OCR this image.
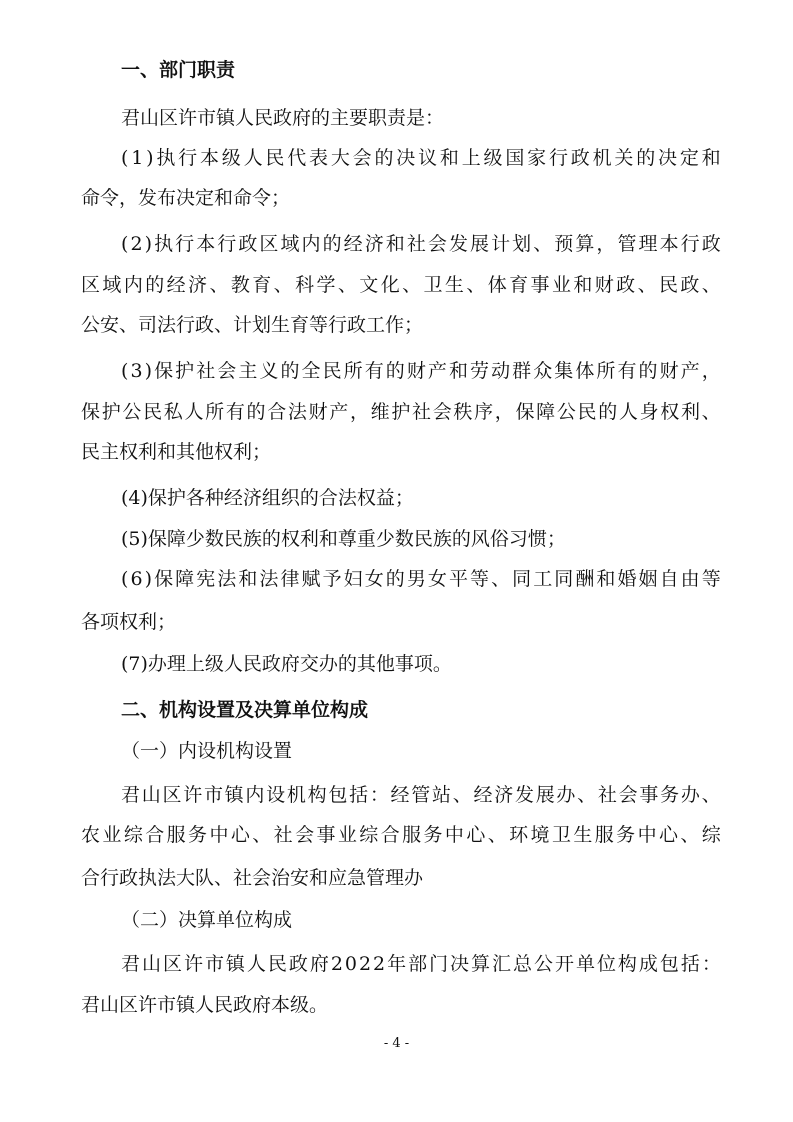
一、部门职责
君山区许市镇人民政府的主要职责是：
( 1 ) 执 行 本 级 人 民 代 表 大 会 的 决 议 和 上 级 国 家 行 政 机 关 的 决 定 和
命令，发布决定和命令；
( 2 ) 执 行 本 行 政 区 域 内 的 经 济 和 社 会 发 展 计 划 、 预 算 ， 管 理 本 行 政
区 域 内 的 经 济 、 教 育 、 科 学 、 文 化 、 卫 生 、 体 育 事 业 和 财 政 、 民 政 、
公安、司法行政、计划生育等行政工作；
( 3 ) 保 护 社 会 主 义 的 全 民 所 有 的 财 产 和 劳 动 群 众 集 体 所 有 的 财 产 ，
保 护 公 民 私 人 所 有 的 合 法 财 产 ， 维 护 社 会 秩 序 ， 保 障 公 民 的 人 身 权 利 、
民主权利和其他权利；
(4)保护各种经济组织的合法权益；
(5)保障少数民族的权利和尊重少数民族的风俗习惯；
( 6 ) 保 障 宪 法 和 法 律 赋 予 妇 女 的 男 女 平 等 、 同 工 同 酬 和 婚 姻 自 由 等
各项权利；
(7)办理上级人民政府交办的其他事项。
二、机构设置及决算单位构成
（一）内设机构设置
君 山 区 许 市 镇 内 设 机 构 包 括 ： 经 管 站 、 经 济 发 展 办 、 社 会 事 务 办 、
农 业 综 合 服 务 中 心 、 社 会 事 业 综 合 服 务 中 心 、 环 境 卫 生 服 务 中 心 、 综
合行政执法大队、社会治安和应急管理办
（二）决算单位构成
君 山 区 许 市 镇 人 民 政 府 2 0 2 2 年 部 门 决 算 汇 总 公 开 单 位 构 成 包 括 ：
君山区许市镇人民政府本级。
- 4 -
